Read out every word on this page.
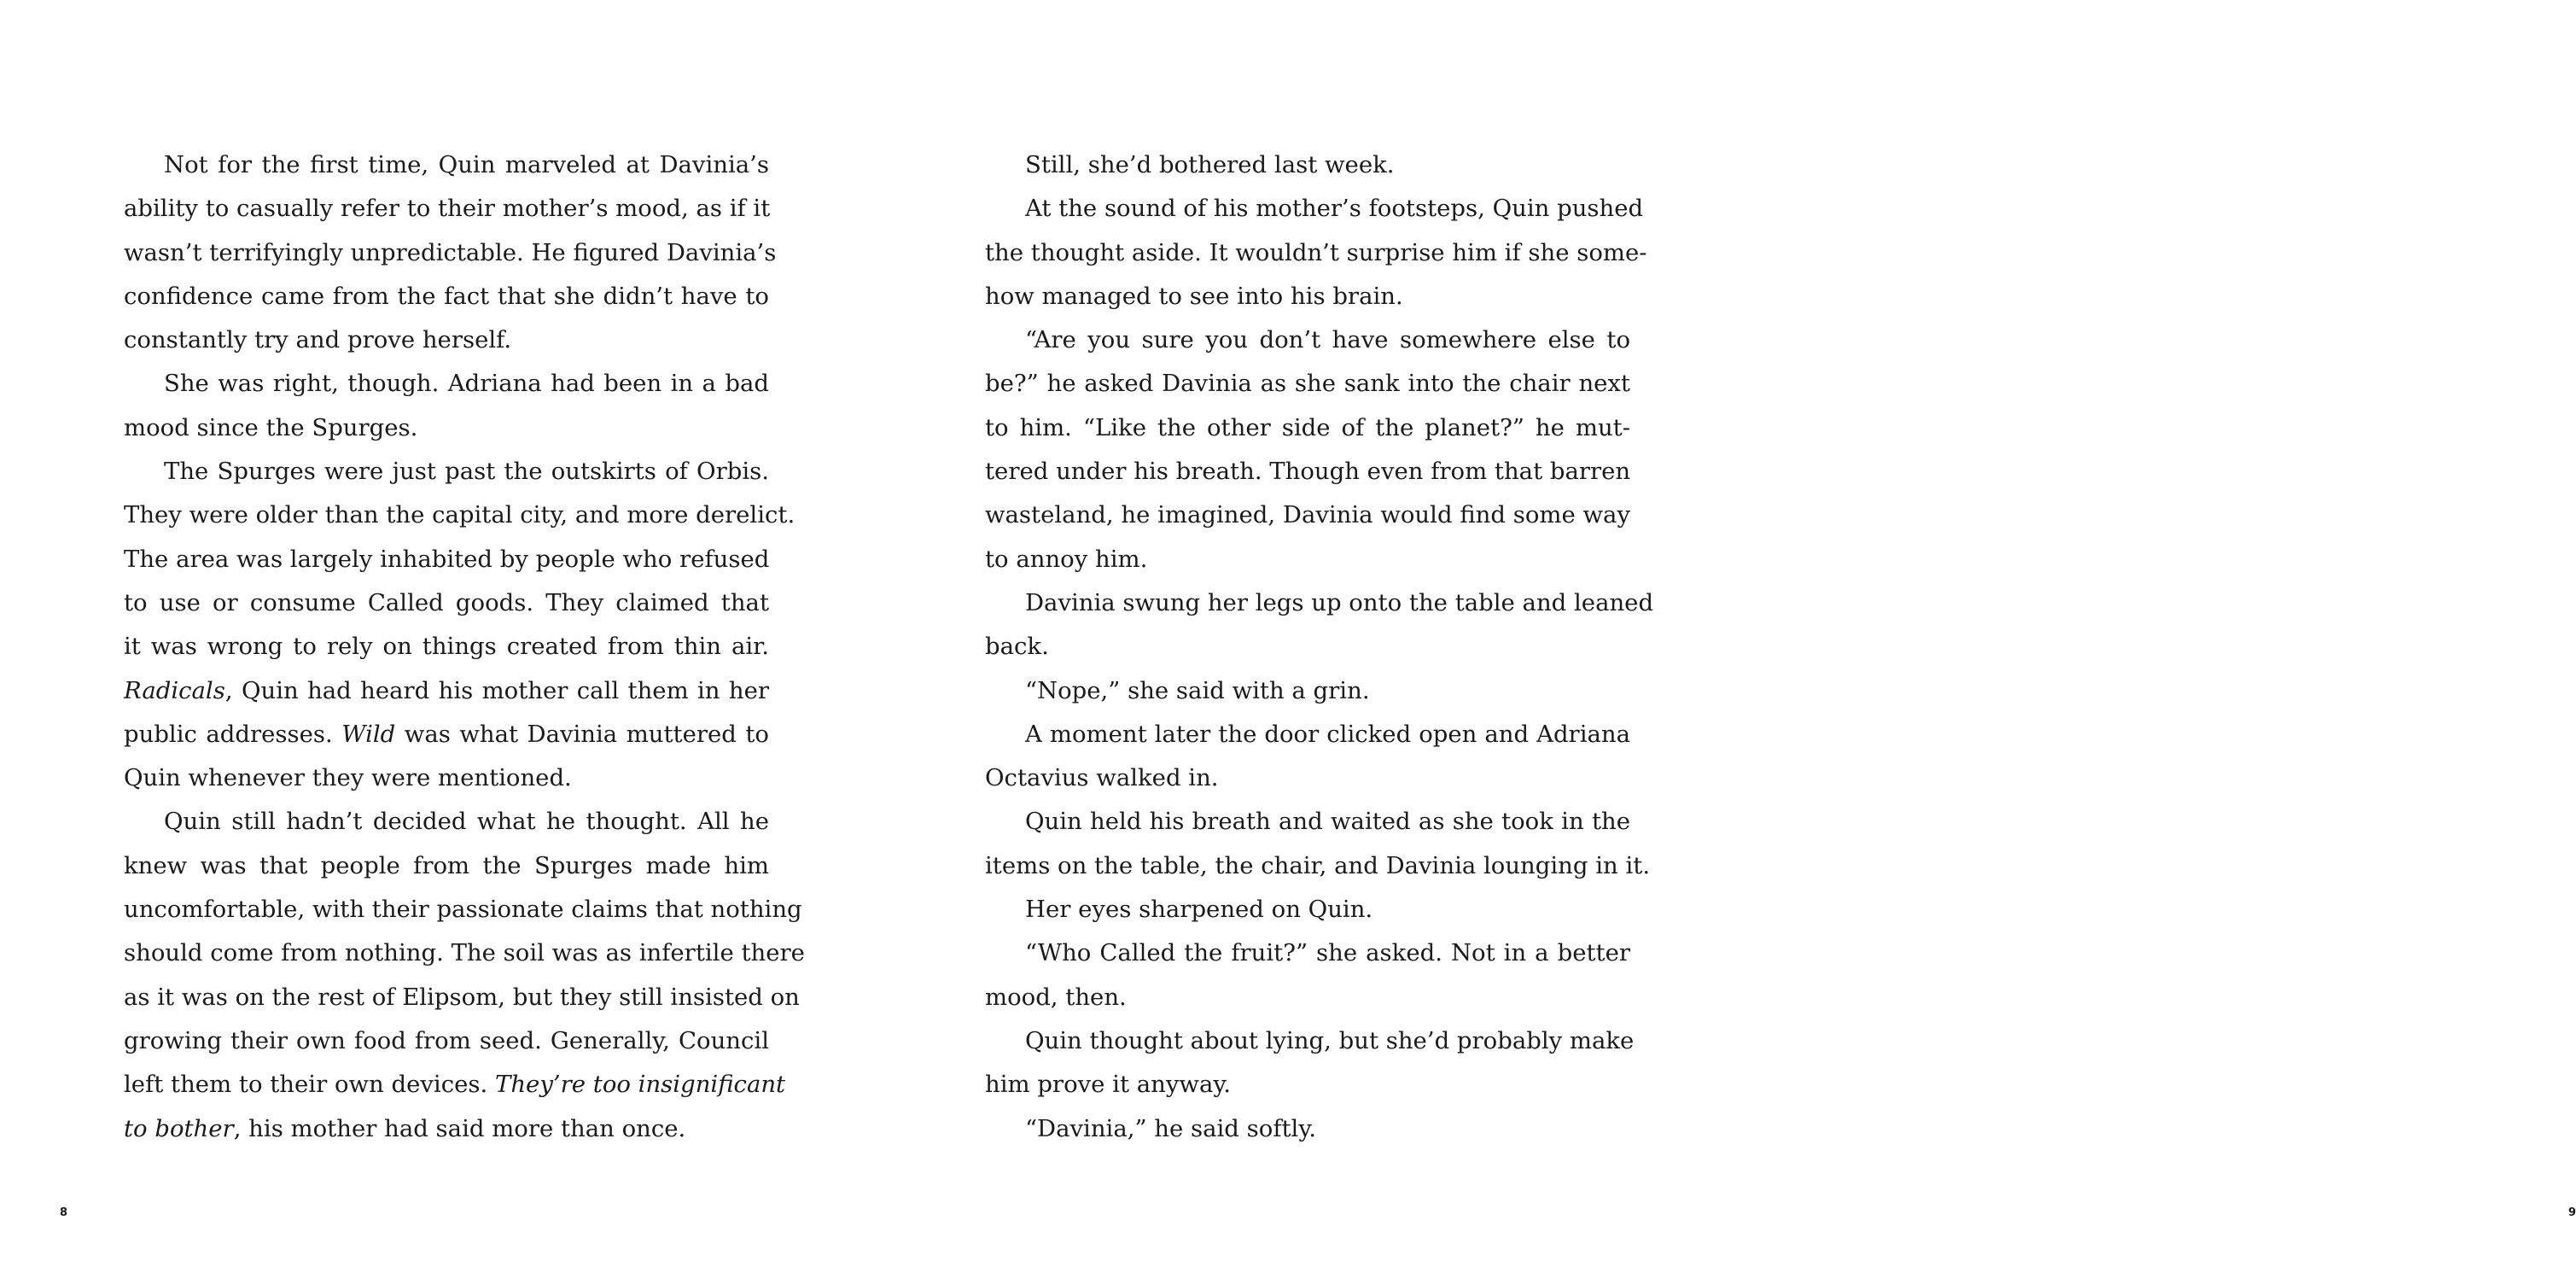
Not for the first time, Quin marveled at Davinia’s
ability to casually refer to their mother’s mood, as if it
wasn’t terrifyingly unpredictable. He figured Davinia’s
confidence came from the fact that she didn’t have to
constantly try and prove herself.
She was right, though. Adriana had been in a bad
mood since the Spurges.
The Spurges were just past the outskirts of Orbis.
They were older than the capital city, and more derelict.
The area was largely inhabited by people who refused
to use or consume Called goods. They claimed that
it was wrong to rely on things created from thin air.
Radicals, Quin had heard his mother call them in her
public addresses. Wild was what Davinia muttered to
Quin whenever they were mentioned.
Quin still hadn’t decided what he thought. All he
knew was that people from the Spurges made him
uncomfortable, with their passionate claims that nothing
should come from nothing. The soil was as infertile there
as it was on the rest of Elipsom, but they still insisted on
growing their own food from seed. Generally, Council
left them to their own devices. They’re too insignificant
to bother, his mother had said more than once.
8
Still, she’d bothered last week.
At the sound of his mother’s footsteps, Quin pushed
the thought aside. It wouldn’t surprise him if she some-
how managed to see into his brain.
“Are you sure you don’t have somewhere else to
be?” he asked Davinia as she sank into the chair next
to him. “Like the other side of the planet?” he mut-
tered under his breath. Though even from that barren
wasteland, he imagined, Davinia would find some way
to annoy him.
Davinia swung her legs up onto the table and leaned
back.
“Nope,” she said with a grin.
A moment later the door clicked open and Adriana
Octavius walked in.
Quin held his breath and waited as she took in the
items on the table, the chair, and Davinia lounging in it.
Her eyes sharpened on Quin.
“Who Called the fruit?” she asked. Not in a better
mood, then.
Quin thought about lying, but she’d probably make
him prove it anyway.
“Davinia,” he said softly.
9
